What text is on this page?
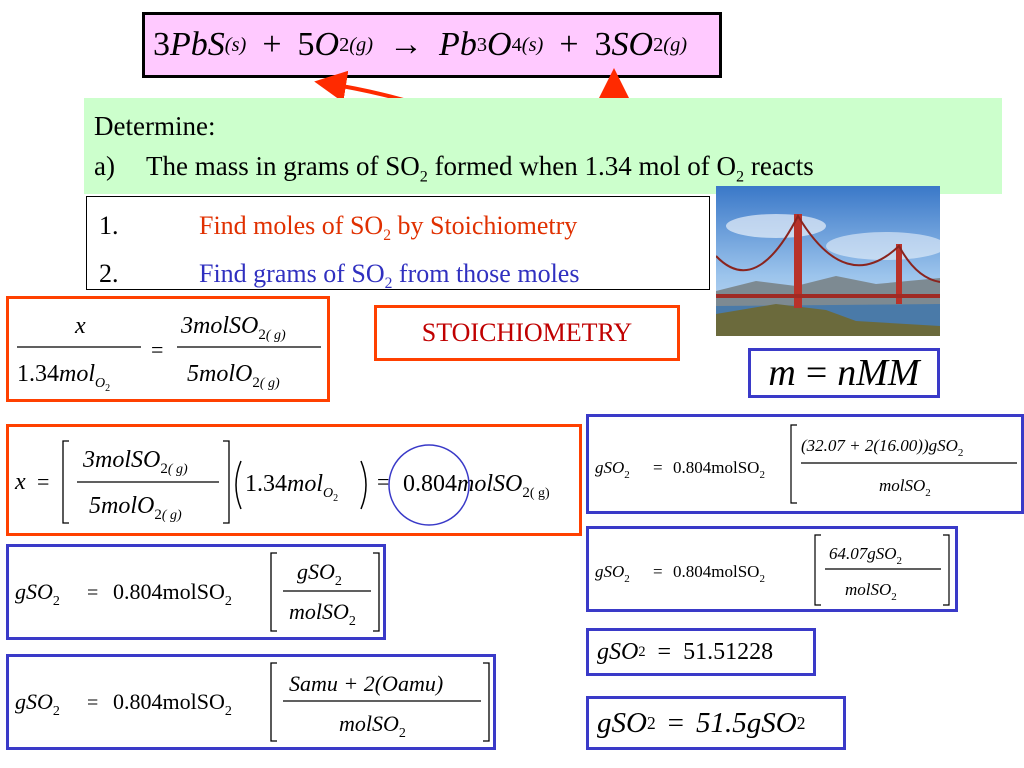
3 PbS (s) + 5 O 2 (g) → Pb 3 O 4 (s) + 3 SO 2 (g)
Determine:
a) The mass in grams of $SO_2$ formed when 1.34 mol of $O_2$ reacts
1.	Find moles of $SO_2$ by Stoichiometry
2.	Find grams of $SO_2$ from those moles
x
1.34mol$_O$2
=
3molSO$_2$( g)
5molO$_2$( g)
STOICHIOMETRY
m = nMM
x =
3molSO$_2$( g)
5molO$_2$( g)
1.34mol$_O$2
= 0.804molSO$_2$( g)
gSO$_2$ = 0.804molSO$_2$
gSO$_2$
molSO$_2$
gSO$_2$ = 0.804molSO$_2$
Samu + 2(Oamu)
molSO$_2$
gSO$_2$ = 0.804molSO$_2$
(32.07 + 2(16.00))gSO$_2$
molSO$_2$
gSO$_2$ = 0.804molSO$_2$
64.07gSO$_2$
molSO$_2$
gSO 2 = 51.51228
gSO 2 = 51.5gSO 2
